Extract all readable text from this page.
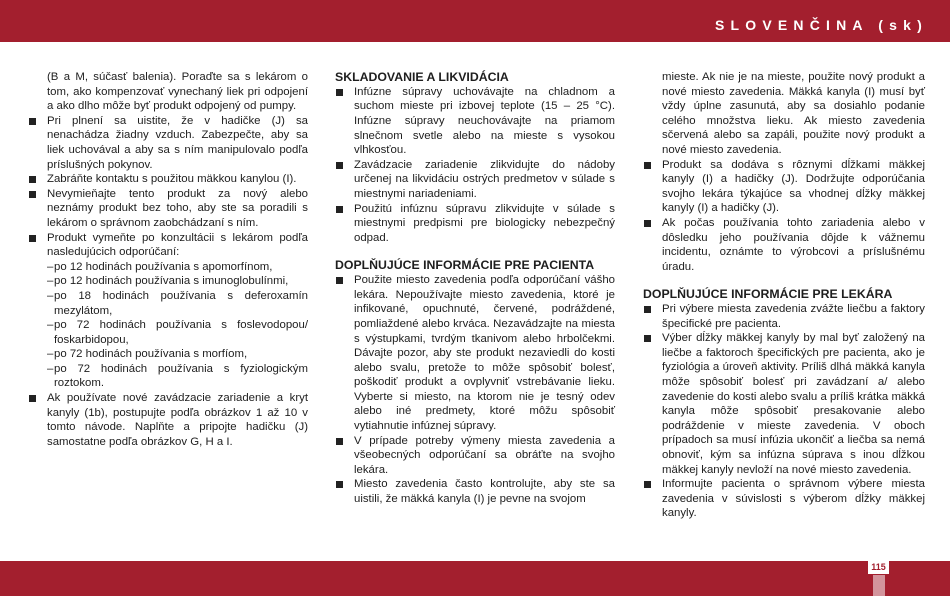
SLOVENČINA (sk)

(B a M, súčasť balenia). Poraďte sa s lekárom o tom, ako kompenzovať vynechaný liek pri odpojení a ako dlho môže byť produkt odpojený od pumpy.

Pri plnení sa uistite, že v hadičke (J) sa nenachádza žiadny vzduch. Zabezpečte, aby sa liek uchovával a aby sa s ním manipulovalo podľa príslušných pokynov.
Zabráňte kontaktu s použitou mäkkou kanylou (I).
Nevymieňajte tento produkt za nový alebo neznámy produkt bez toho, aby ste sa poradili s lekárom o správnom zaobchádzaní s ním.
Produkt vymeňte po konzultácii s lekárom podľa nasledujúcich odporúčaní:
– po 12 hodinách používania s apomorfínom,
– po 12 hodinách používania s imunoglobulínmi,
– po 18 hodinách používania s deferoxamín mezylátom,
– po 72 hodinách používania s foslevodopou/ foskarbidopou,
– po 72 hodinách používania s morfíom,
– po 72 hodinách používania s fyziologickým roztokom.
Ak používate nové zavádzacie zariadenie a kryt kanyly (1b), postupujte podľa obrázkov 1 až 10 v tomto návode. Naplňte a pripojte hadičku (J) samostatne podľa obrázkov G, H a I.

SKLADOVANIE A LIKVIDÁCIA

Infúzne súpravy uchovávajte na chladnom a suchom mieste pri izbovej teplote (15 – 25 °C). Infúzne súpravy neuchovávajte na priamom slnečnom svetle alebo na mieste s vysokou vlhkosťou.
Zavádzacie zariadenie zlikvidujte do nádoby určenej na likvidáciu ostrých predmetov v súlade s miestnymi nariadeniami.
Použitú infúznu súpravu zlikvidujte v súlade s miestnymi predpismi pre biologicky nebezpečný odpad.

DOPLŇUJÚCE INFORMÁCIE PRE PACIENTA

Použite miesto zavedenia podľa odporúčaní vášho lekára. Nepoužívajte miesto zavedenia, ktoré je infikované, opuchnuté, červené, podráždené, pomliaždené alebo krvácа. Nezavádzajte na miesta s výstupkami, tvrdým tkanivom alebo hrbolčekmi. Dávajte pozor, aby ste produkt nezaviedli do kosti alebo svalu, pretože to môže spôsobiť bolesť, poškodiť produkt a ovplyvniť vstrebávanie lieku. Vyberte si miesto, na ktorom nie je tesný odev alebo iné predmety, ktoré môžu spôsobiť vytiahnutie infúznej súpravy.
V prípade potreby výmeny miesta zavedenia a všeobecných odporúčaní sa obráťte na svojho lekára.
Miesto zavedenia často kontrolujte, aby ste sa uistili, že mäkká kanyla (I) je pevne na svojom

mieste. Ak nie je na mieste, použite nový produkt a nové miesto zavedenia. Mäkká kanyla (I) musí byť vždy úplne zasunutá, aby sa dosiahlo podanie celého množstva lieku. Ak miesto zavedenia sčervená alebo sa zapáli, použite nový produkt a nové miesto zavedenia.

Produkt sa dodáva s rôznymi dĺžkami mäkkej kanyly (I) a hadičky (J). Dodržujte odporúčania svojho lekára týkajúce sa vhodnej dĺžky mäkkej kanyly (I) a hadičky (J).
Ak počas používania tohto zariadenia alebo v dôsledku jeho používania dôjde k vážnemu incidentu, oznámte to výrobcovi a príslušnému úradu.

DOPLŇUJÚCE INFORMÁCIE PRE LEKÁRA

Pri výbere miesta zavedenia zvážte liečbu a faktory špecifické pre pacienta.
Výber dĺžky mäkkej kanyly by mal byť založený na liečbe a faktoroch špecifických pre pacienta, ako je fyziológia a úroveň aktivity. Príliš dlhá mäkká kanyla môže spôsobiť bolesť pri zavádzaní a/ alebo zavedenie do kosti alebo svalu a príliš krátka mäkká kanyla môže spôsobiť presakovanie alebo podráždenie v mieste zavedenia. V oboch prípadoch sa musí infúzia ukončiť a liečba sa nemá obnoviť, kým sa infúzna súprava s inou dĺžkou mäkkej kanyly nevloží na nové miesto zavedenia.
Informujte pacienta o správnom výbere miesta zavedenia v súvislosti s výberom dĺžky mäkkej kanyly.
115
